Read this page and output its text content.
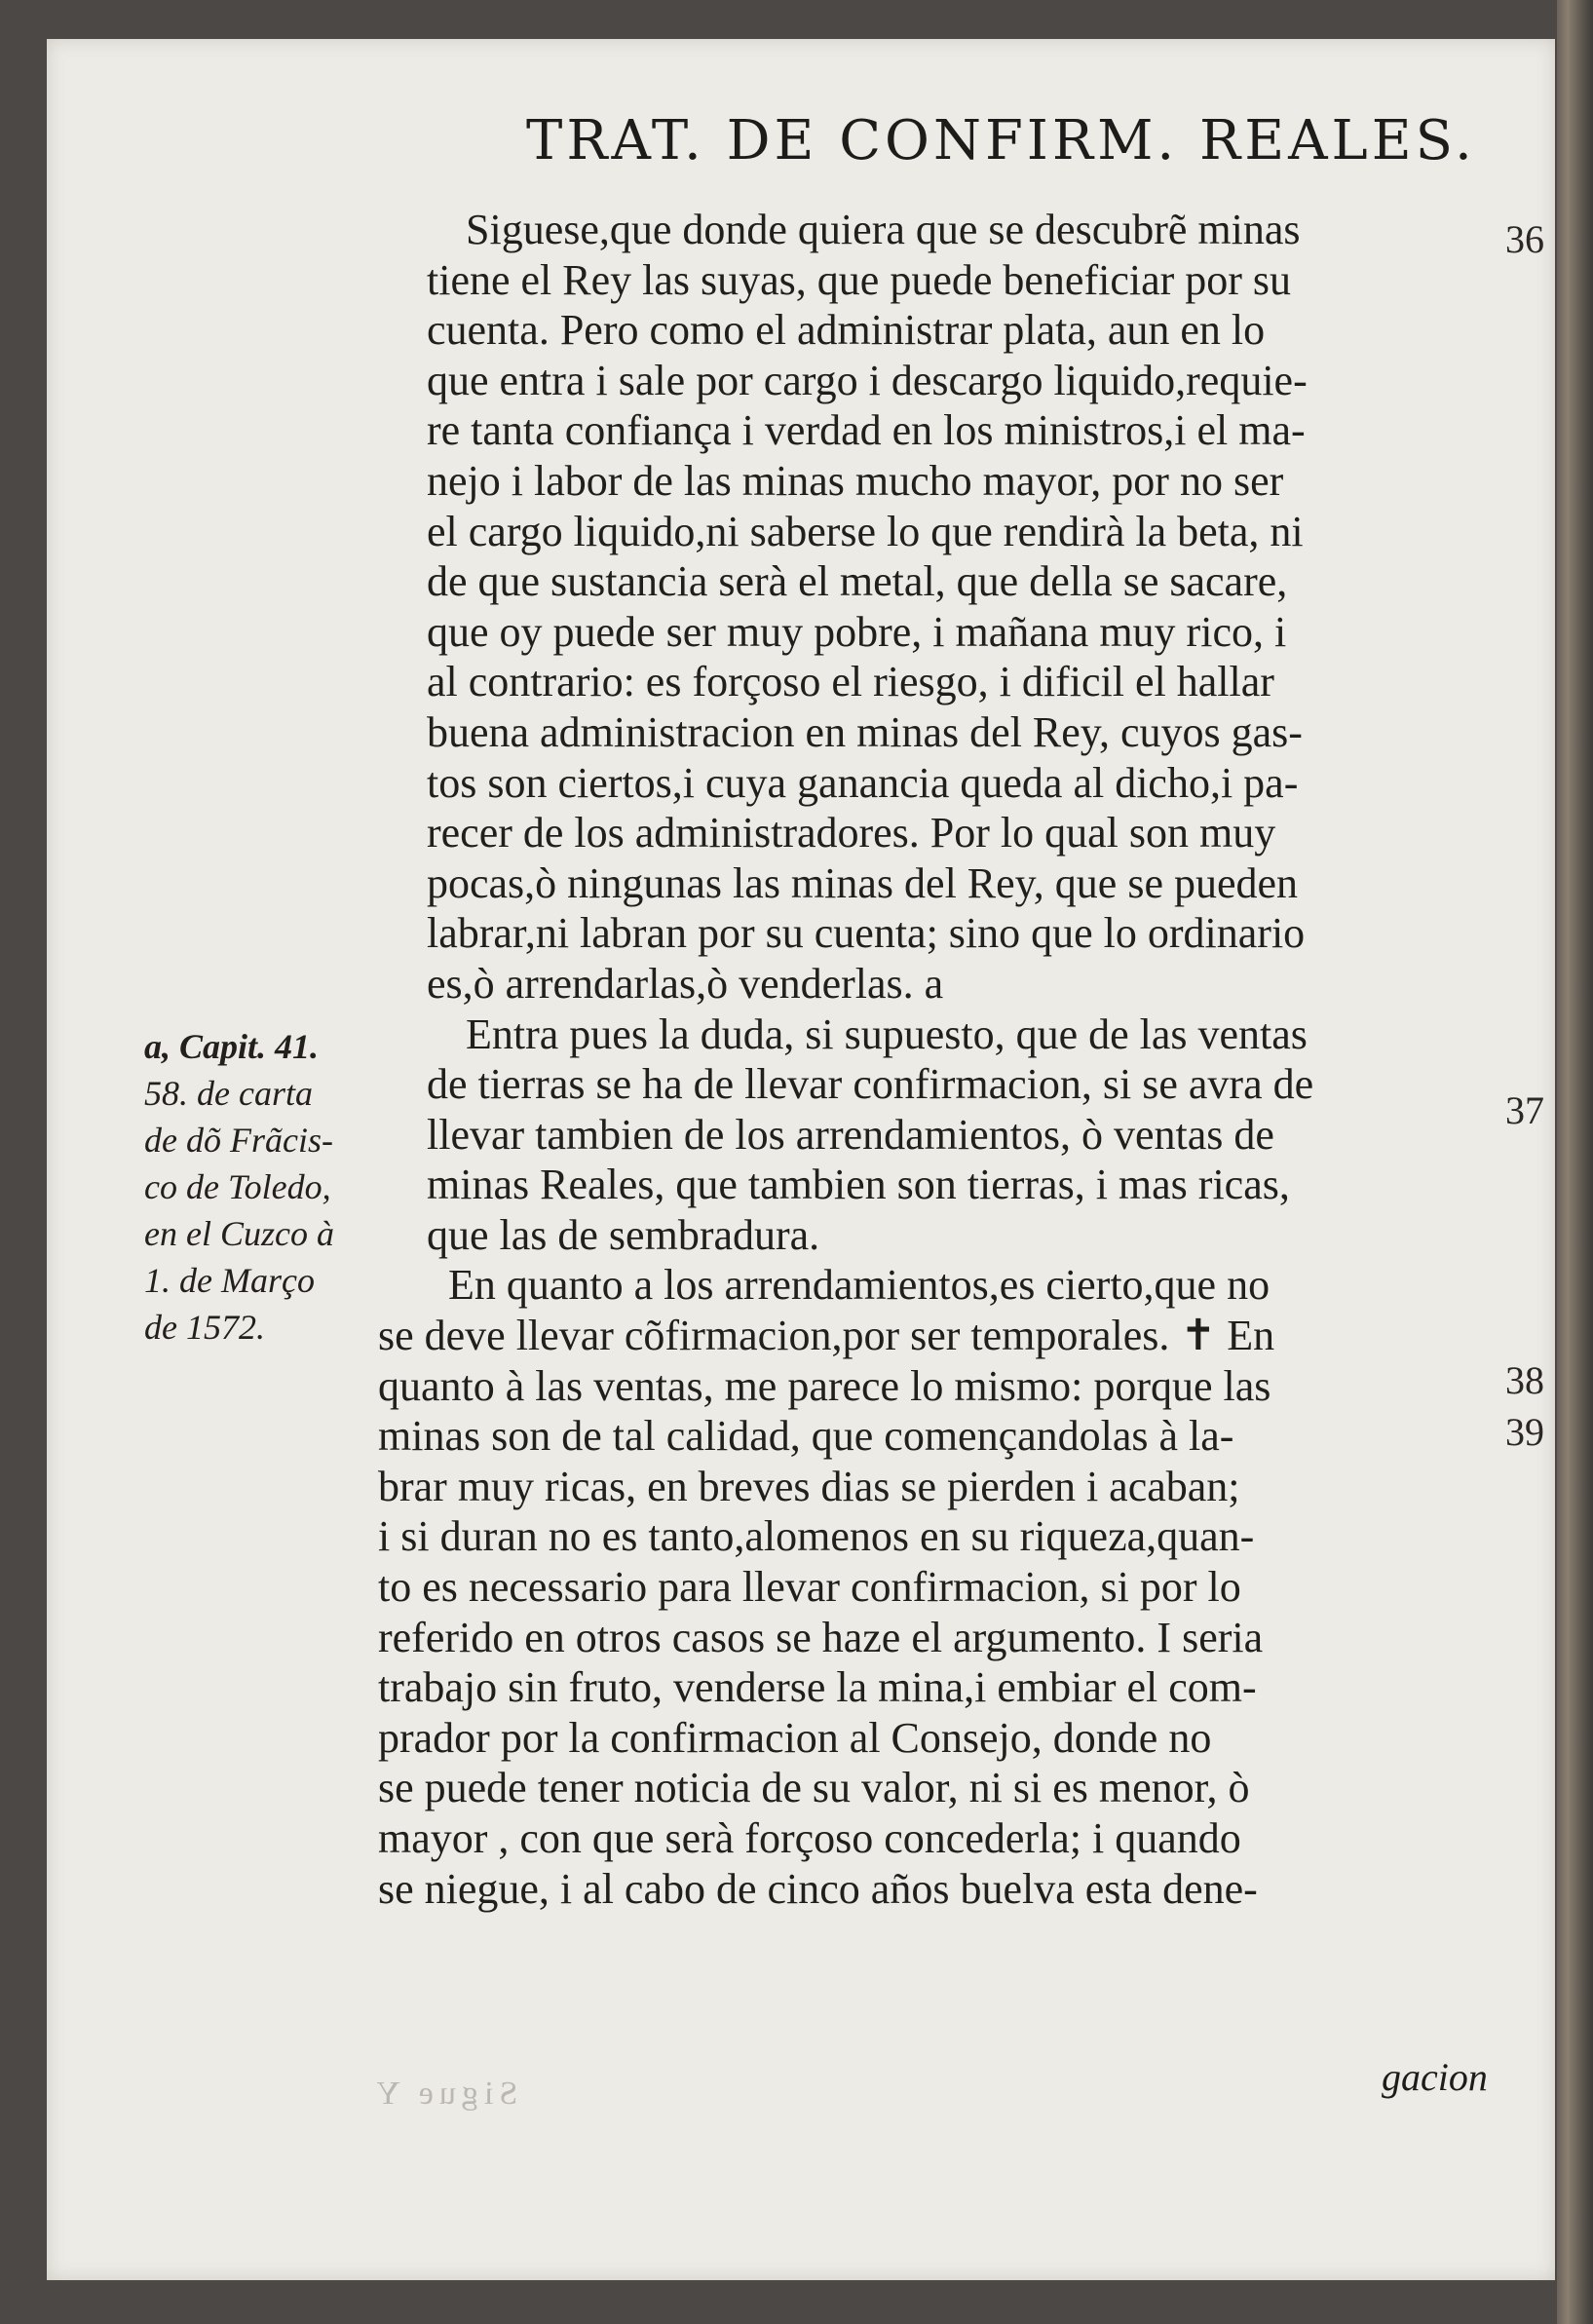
TRAT. DE CONFIRM. REALES.
Siguese,que donde quiera que se descubrẽ minas
tiene el Rey las suyas, que puede beneficiar por su
cuenta. Pero como el administrar plata, aun en lo
que entra i sale por cargo i descargo liquido,requie-
re tanta confiança i verdad en los ministros,i el ma-
nejo i labor de las minas mucho mayor, por no ser
el cargo liquido,ni saberse lo que rendirà la beta, ni
de que sustancia serà el metal, que della se sacare,
que oy puede ser muy pobre, i mañana muy rico, i
al contrario: es forçoso el riesgo, i dificil el hallar
buena administracion en minas del Rey, cuyos gas-
tos son ciertos,i cuya ganancia queda al dicho,i pa-
recer de los administradores. Por lo qual son muy
pocas,ò ningunas las minas del Rey, que se pueden
labrar,ni labran por su cuenta; sino que lo ordinario
es,ò arrendarlas,ò venderlas. a
Entra pues la duda, si supuesto, que de las ventas
de tierras se ha de llevar confirmacion, si se avra de
llevar tambien de los arrendamientos, ò ventas de
minas Reales, que tambien son tierras, i mas ricas,
que las de sembradura.
En quanto a los arrendamientos,es cierto,que no
se deve llevar cõfirmacion,por ser temporales. ✝ En
quanto à las ventas, me parece lo mismo: porque las
minas son de tal calidad, que començandolas à la-
brar muy ricas, en breves dias se pierden i acaban;
i si duran no es tanto,alomenos en su riqueza,quan-
to es necessario para llevar confirmacion, si por lo
referido en otros casos se haze el argumento. I seria
trabajo sin fruto, venderse la mina,i embiar el com-
prador por la confirmacion al Consejo, donde no
se puede tener noticia de su valor, ni si es menor, ò
mayor , con que serà forçoso concederla; i quando
se niegue, i al cabo de cinco años buelva esta dene-
36
37
38
39
a, Capit. 41.
58. de carta
de dõ Frãcis-
co de Toledo,
en el Cuzco à
1. de Março
de 1572.
gacion
Sigue Y
